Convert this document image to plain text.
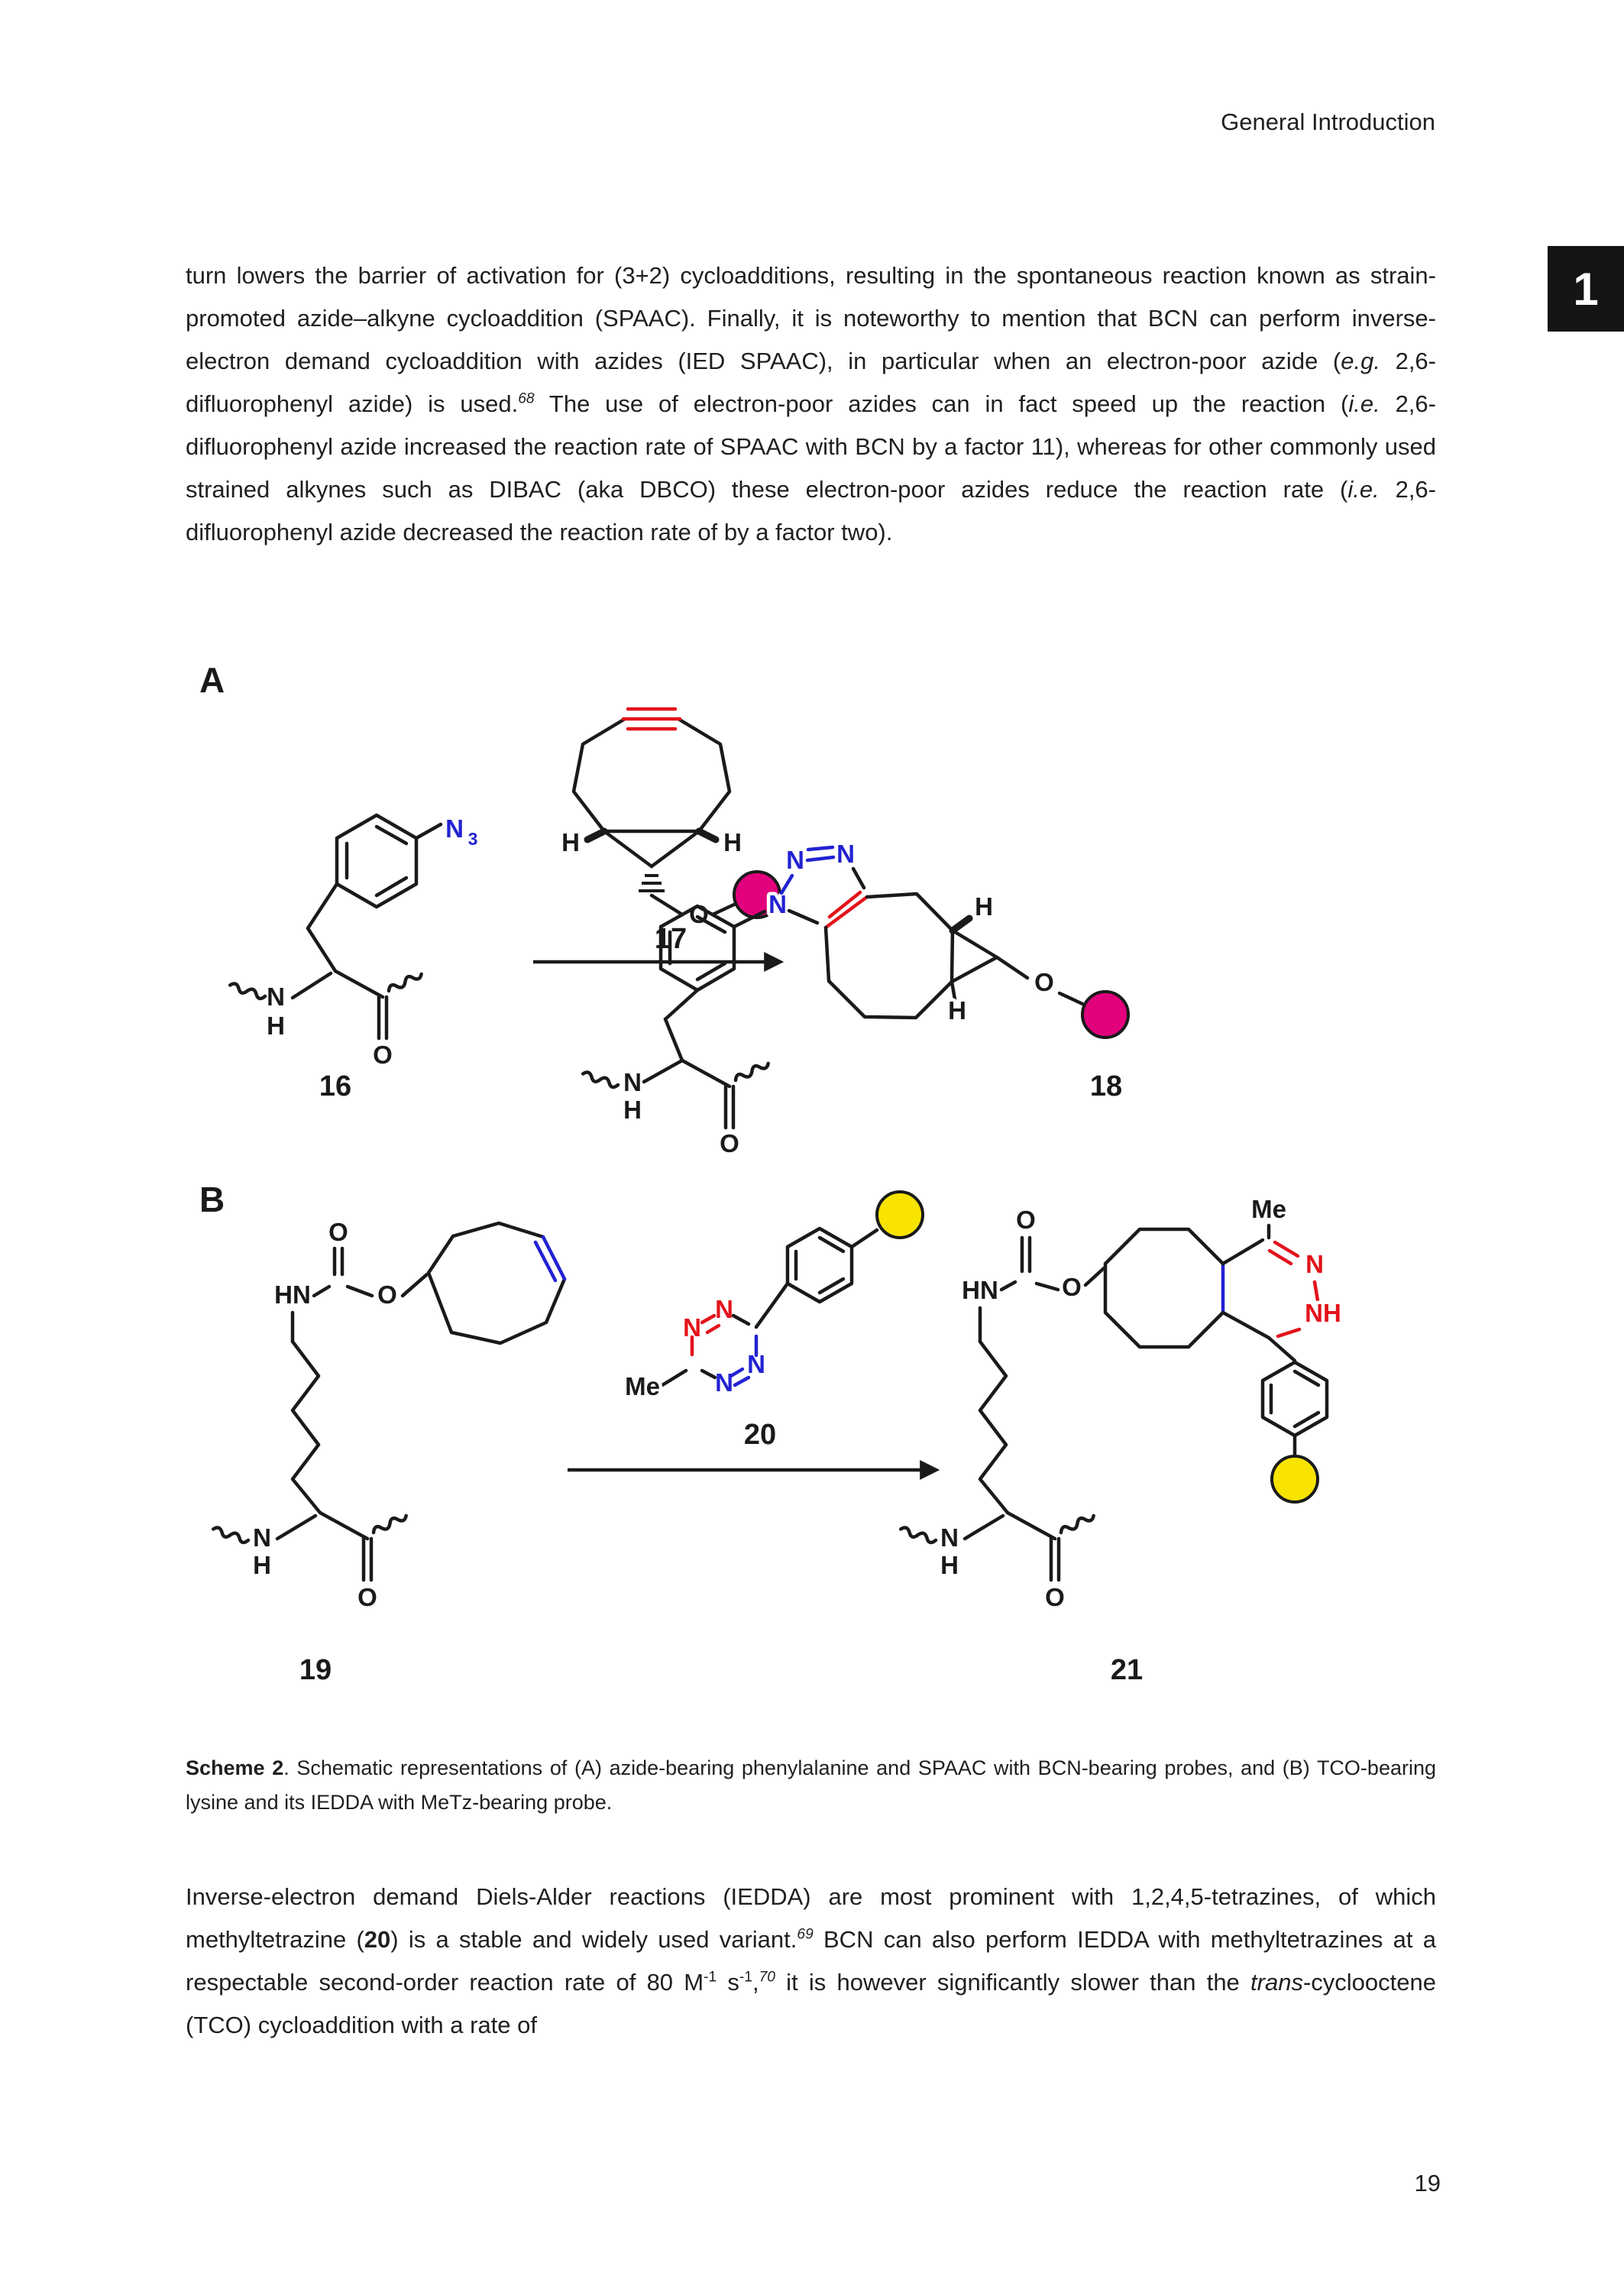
General Introduction
1

turn lowers the barrier of activation for (3+2) cycloadditions, resulting in the spontaneous reaction known as strain-promoted azide–alkyne cycloaddition (SPAAC). Finally, it is noteworthy to mention that BCN can perform inverse-electron demand cycloaddition with azides (IED SPAAC), in particular when an electron-poor azide (e.g. 2,6-difluorophenyl azide) is used.$^{68}$ The use of electron-poor azides can in fact speed up the reaction (i.e. 2,6-difluorophenyl azide increased the reaction rate of SPAAC with BCN by a factor 11), whereas for other commonly used strained alkynes such as DIBAC (aka DBCO) these electron-poor azides reduce the reaction rate (i.e. 2,6-difluorophenyl azide decreased the reaction rate of by a factor two).

A
N 3
N
H
O
16
H	H
O
17
N
H
O
N
N N
H
H
O
18
B
O
HN	O
N
H
O
19
N
N
N
N
Me
20
Me
N
NH
O
O
HN
N
H
O
21

Scheme 2. Schematic representations of (A) azide-bearing phenylalanine and SPAAC with BCN-bearing probes, and (B) TCO-bearing lysine and its IEDDA with MeTz-bearing probe.

Inverse-electron demand Diels-Alder reactions (IEDDA) are most prominent with 1,2,4,5-tetrazines, of which methyltetrazine (20) is a stable and widely used variant.$^{69}$ BCN can also perform IEDDA with methyltetrazines at a respectable second-order reaction rate of 80 $M^{-1}$ $s^{-1},^{70}$ it is however significantly slower than the trans-cyclooctene (TCO) cycloaddition with a rate of

19
